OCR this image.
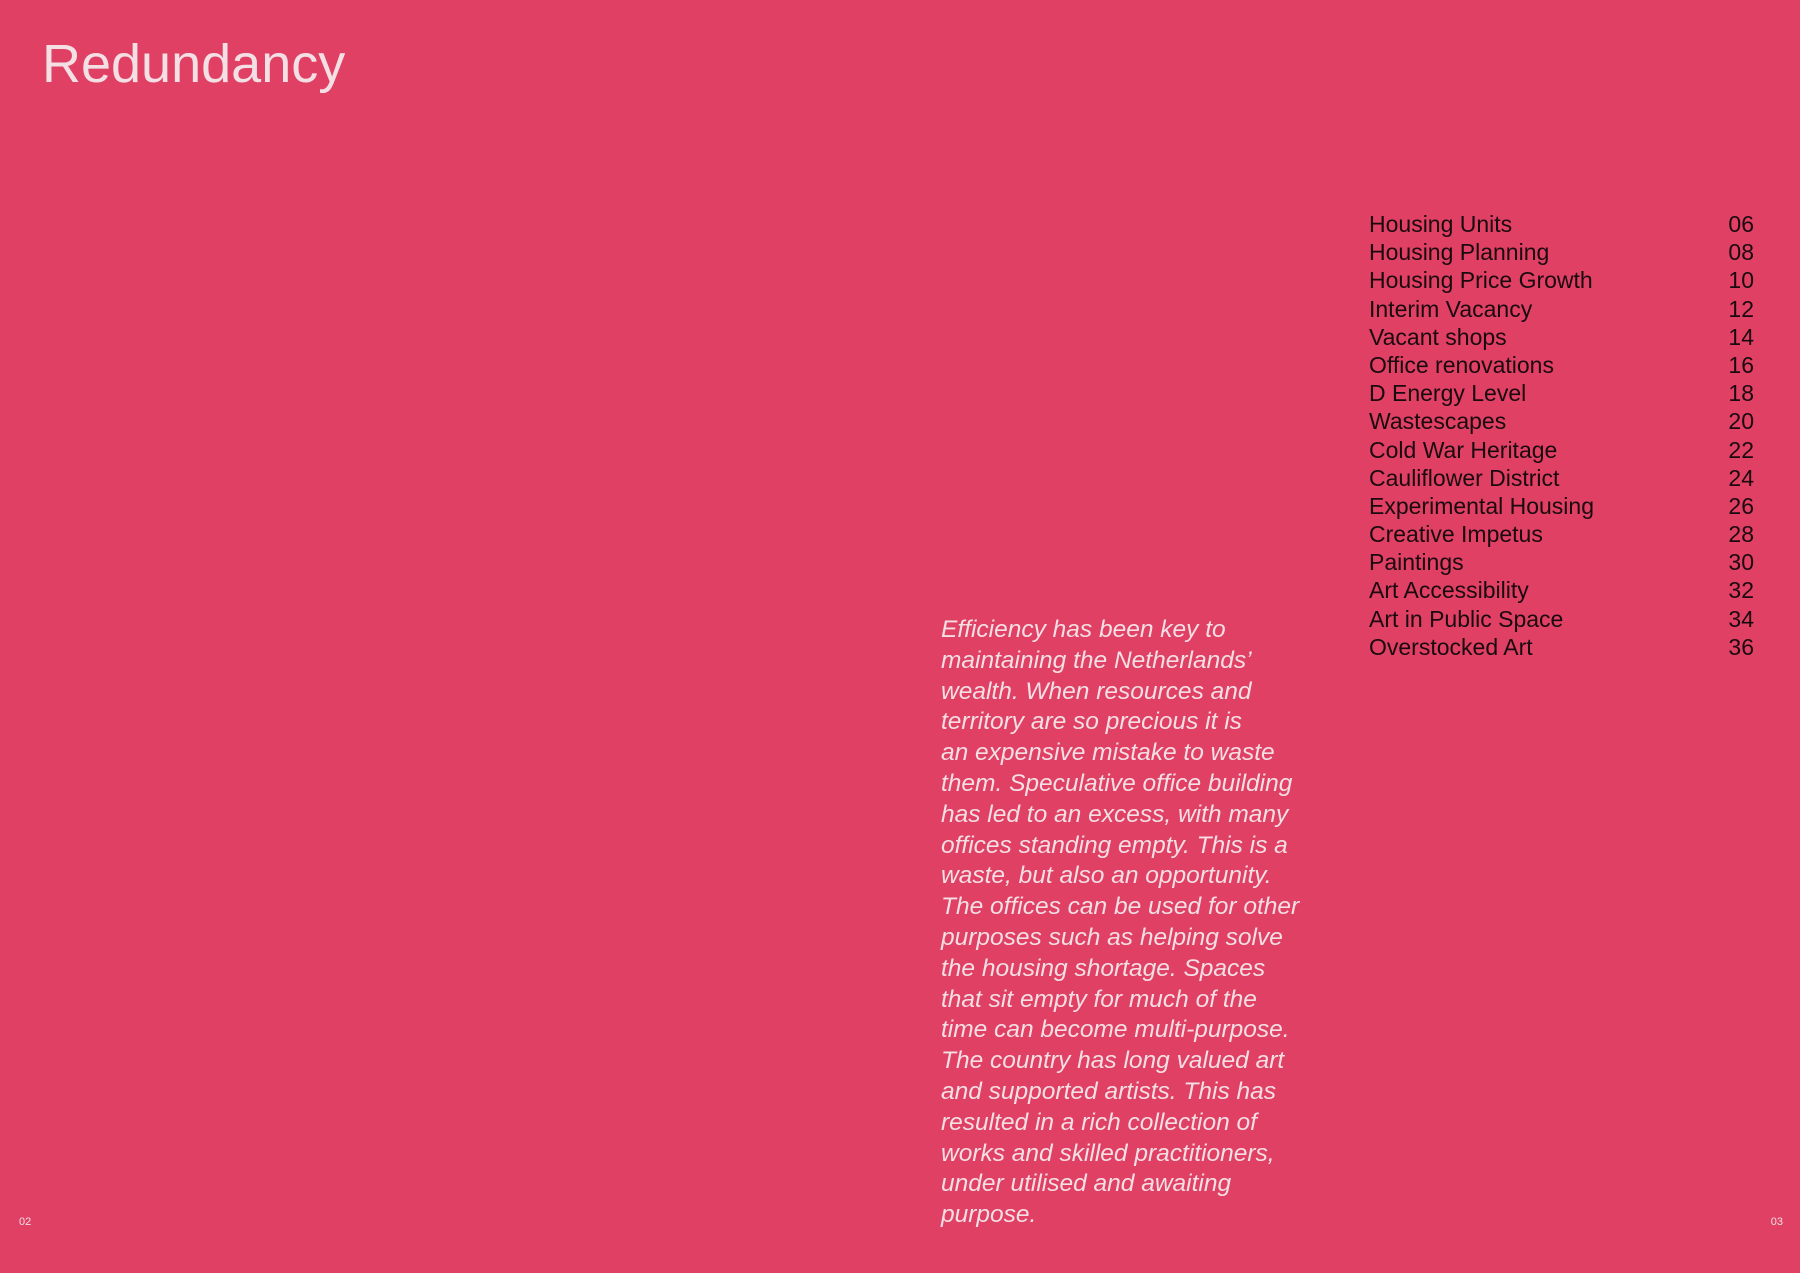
Redundancy
Housing Units	06
Housing Planning	08
Housing Price Growth	10
Interim Vacancy	12
Vacant shops	14
Office renovations	16
D Energy Level	18
Wastescapes	20
Cold War Heritage	22
Cauliflower District	24
Experimental Housing	26
Creative Impetus	28
Paintings	30
Art Accessibility	32
Art in Public Space	34
Overstocked Art	36

Efficiency has been key to
maintaining the Netherlands’
wealth. When resources and
territory are so precious it is
an expensive mistake to waste
them. Speculative office building
has led to an excess, with many
offices standing empty. This is a
waste, but also an opportunity.
The offices can be used for other
purposes such as helping solve
the housing shortage. Spaces
that sit empty for much of the
time can become multi-purpose.
The country has long valued art
and supported artists. This has
resulted in a rich collection of
works and skilled practitioners,
under utilised and awaiting
purpose.

02	03
